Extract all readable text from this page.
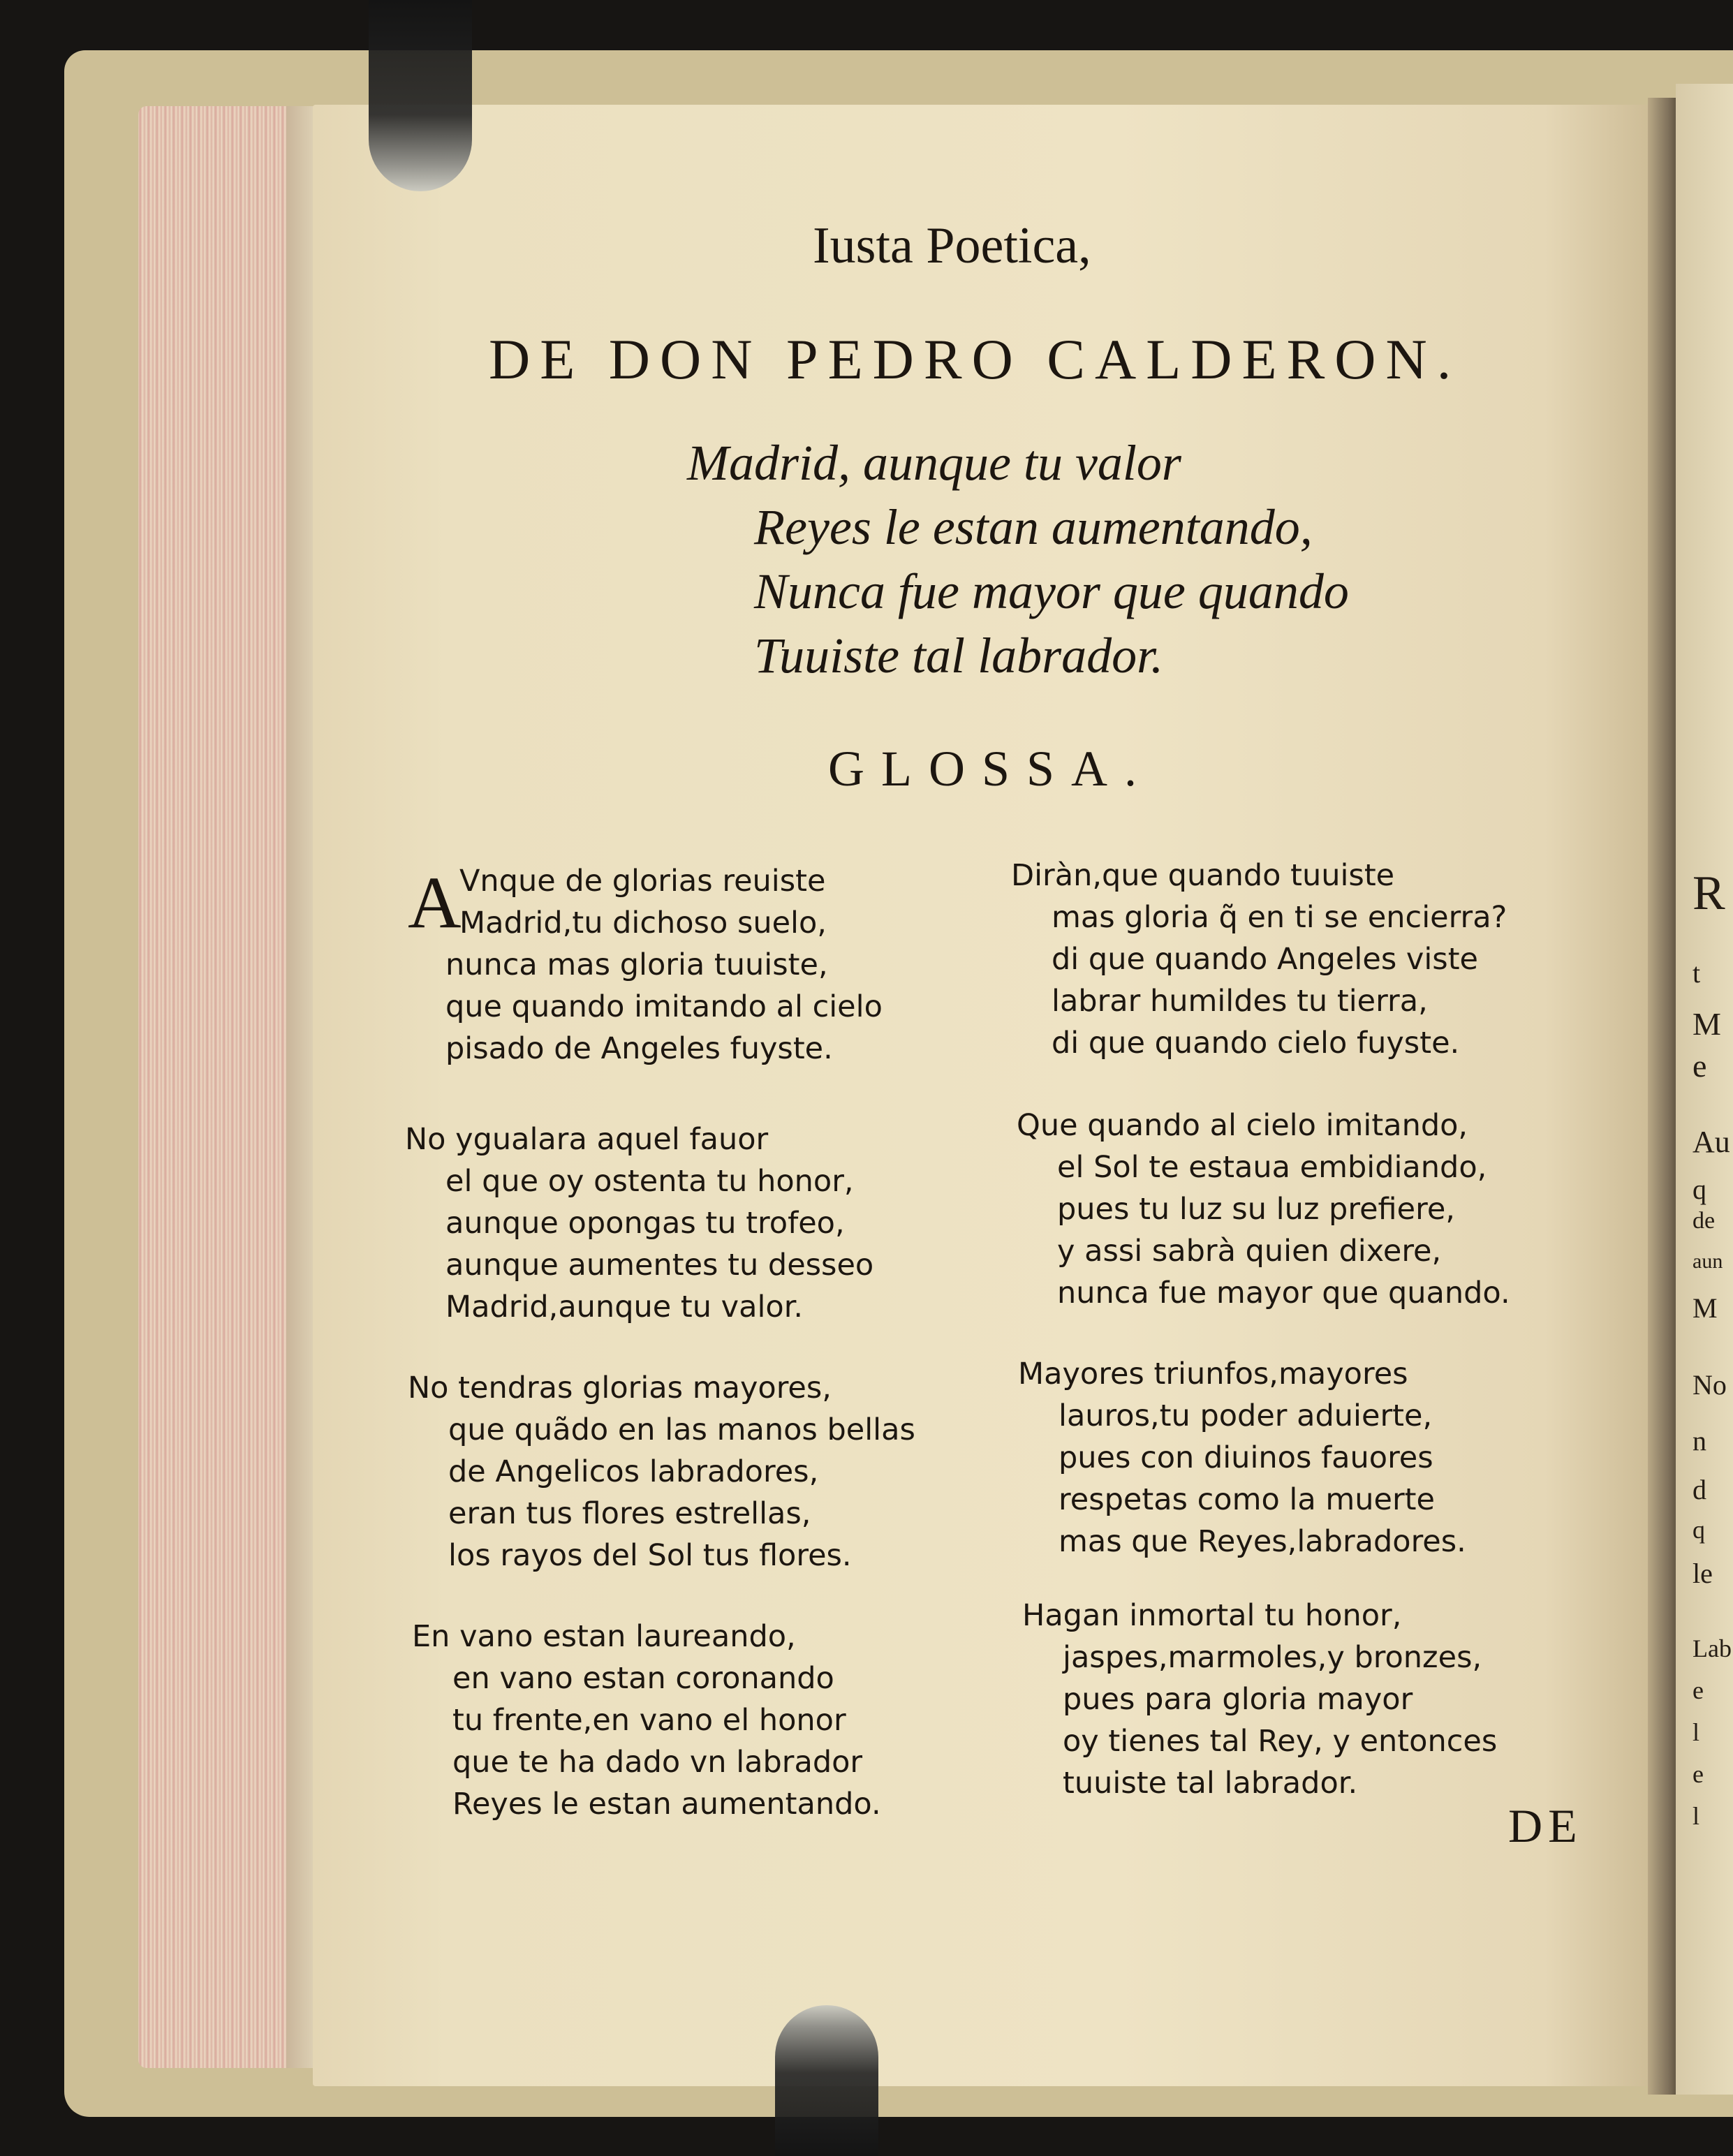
R
t
M
e
Au
q
de
aun
M
No
n
d
q
le
Lab
e
l
e
l
Iusta Poetica,
DE DON PEDRO CALDERON.
Madrid, aunque tu valor
Reyes le estan aumentando,
Nunca fue mayor que quando
Tuuiste tal labrador.
GLOSSA.
A
Vnque de glorias reuiste
Madrid,tu dichoso suelo,
nunca mas gloria tuuiste,
que quando imitando al cielo
pisado de Angeles fuyste.
No ygualara aquel fauor
el que oy ostenta tu honor,
aunque opongas tu trofeo,
aunque aumentes tu desseo
Madrid,aunque tu valor.
No tendras glorias mayores,
que quãdo en las manos bellas
de Angelicos labradores,
eran tus flores estrellas,
los rayos del Sol tus flores.
En vano estan laureando,
en vano estan coronando
tu frente,en vano el honor
que te ha dado vn labrador
Reyes le estan aumentando.
Diràn,que quando tuuiste
mas gloria q̃ en ti se encierra?
di que quando Angeles viste
labrar humildes tu tierra,
di que quando cielo fuyste.
Que quando al cielo imitando,
el Sol te estaua embidiando,
pues tu luz su luz prefiere,
y assi sabrà quien dixere,
nunca fue mayor que quando.
Mayores triunfos,mayores
lauros,tu poder aduierte,
pues con diuinos fauores
respetas como la muerte
mas que Reyes,labradores.
Hagan inmortal tu honor,
jaspes,marmoles,y bronzes,
pues para gloria mayor
oy tienes tal Rey, y entonces
tuuiste tal labrador.
DE
